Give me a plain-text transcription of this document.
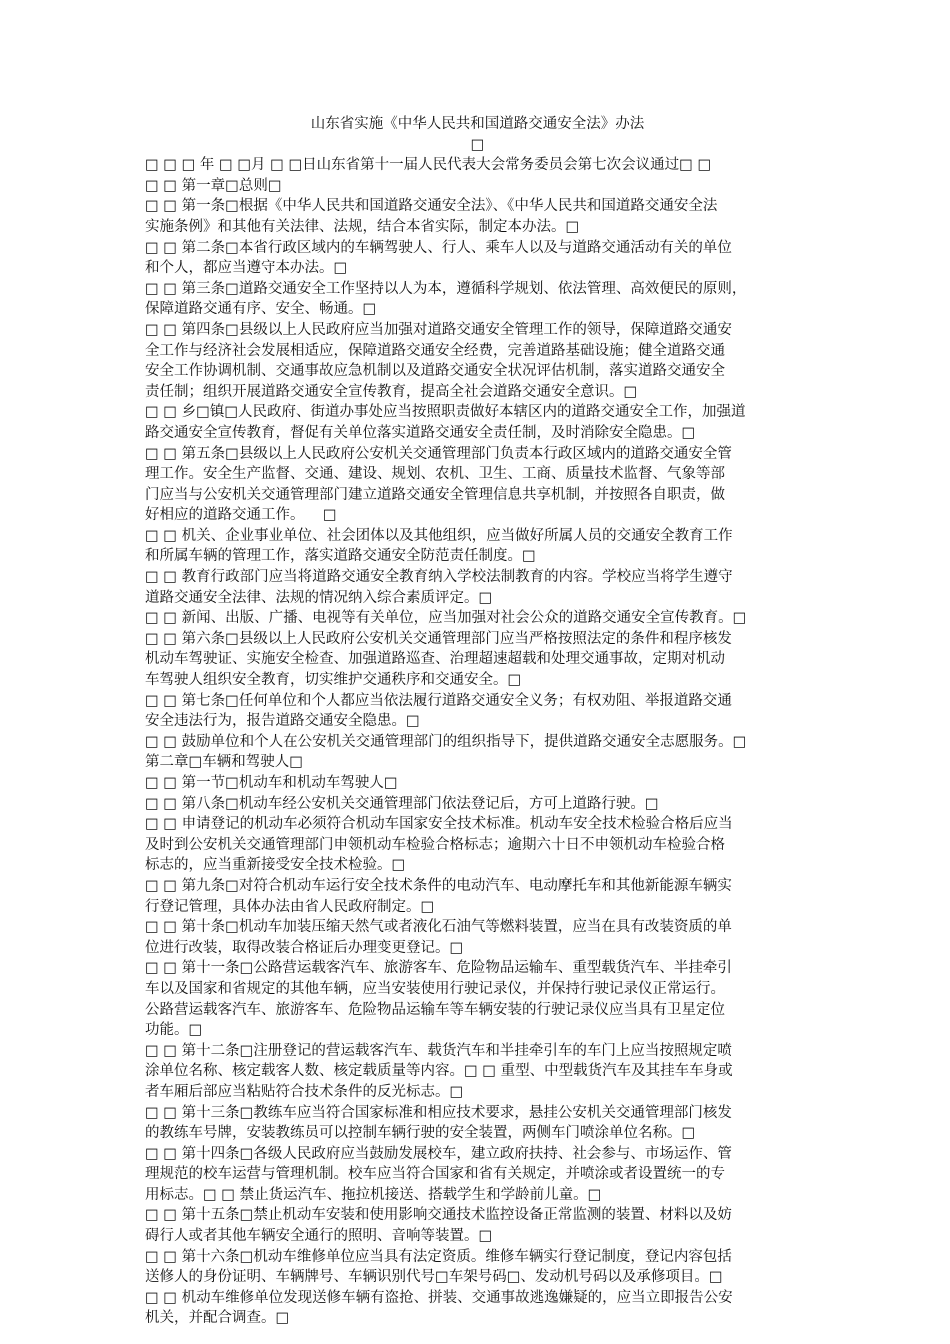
山东省实施《中华人民共和国道路交通安全法》办法
□
□ □ □ 年 □ □月 □ □日山东省第十一届人民代表大会常务委员会第七次会议通过□ □
□ □ 第一章□总则□
□ □ 第一条□根据《中华人民共和国道路交通安全法》、《中华人民共和国道路交通安全法
实施条例》和其他有关法律、法规，结合本省实际，制定本办法。□
□ □ 第二条□本省行政区域内的车辆驾驶人、行人、乘车人以及与道路交通活动有关的单位
和个人，都应当遵守本办法。□
□ □ 第三条□道路交通安全工作坚持以人为本，遵循科学规划、依法管理、高效便民的原则，
保障道路交通有序、安全、畅通。□
□ □ 第四条□县级以上人民政府应当加强对道路交通安全管理工作的领导，保障道路交通安
全工作与经济社会发展相适应，保障道路交通安全经费，完善道路基础设施；健全道路交通
安全工作协调机制、交通事故应急机制以及道路交通安全状况评估机制，落实道路交通安全
责任制；组织开展道路交通安全宣传教育，提高全社会道路交通安全意识。□
□ □ 乡□镇□人民政府、街道办事处应当按照职责做好本辖区内的道路交通安全工作，加强道
路交通安全宣传教育，督促有关单位落实道路交通安全责任制，及时消除安全隐患。□
□ □ 第五条□县级以上人民政府公安机关交通管理部门负责本行政区域内的道路交通安全管
理工作。安全生产监督、交通、建设、规划、农机、卫生、工商、质量技术监督、气象等部
门应当与公安机关交通管理部门建立道路交通安全管理信息共享机制，并按照各自职责，做
好相应的道路交通工作。    □
□ □ 机关、企业事业单位、社会团体以及其他组织，应当做好所属人员的交通安全教育工作
和所属车辆的管理工作，落实道路交通安全防范责任制度。□
□ □ 教育行政部门应当将道路交通安全教育纳入学校法制教育的内容。学校应当将学生遵守
道路交通安全法律、法规的情况纳入综合素质评定。□
□ □ 新闻、出版、广播、电视等有关单位，应当加强对社会公众的道路交通安全宣传教育。□
□ □ 第六条□县级以上人民政府公安机关交通管理部门应当严格按照法定的条件和程序核发
机动车驾驶证、实施安全检查、加强道路巡查、治理超速超载和处理交通事故，定期对机动
车驾驶人组织安全教育，切实维护交通秩序和交通安全。□
□ □ 第七条□任何单位和个人都应当依法履行道路交通安全义务；有权劝阻、举报道路交通
安全违法行为，报告道路交通安全隐患。□
□ □ 鼓励单位和个人在公安机关交通管理部门的组织指导下，提供道路交通安全志愿服务。□
第二章□车辆和驾驶人□
□ □ 第一节□机动车和机动车驾驶人□
□ □ 第八条□机动车经公安机关交通管理部门依法登记后，方可上道路行驶。□
□ □ 申请登记的机动车必须符合机动车国家安全技术标准。机动车安全技术检验合格后应当
及时到公安机关交通管理部门申领机动车检验合格标志；逾期六十日不申领机动车检验合格
标志的，应当重新接受安全技术检验。□
□ □ 第九条□对符合机动车运行安全技术条件的电动汽车、电动摩托车和其他新能源车辆实
行登记管理，具体办法由省人民政府制定。□
□ □ 第十条□机动车加装压缩天然气或者液化石油气等燃料装置，应当在具有改装资质的单
位进行改装，取得改装合格证后办理变更登记。□
□ □ 第十一条□公路营运载客汽车、旅游客车、危险物品运输车、重型载货汽车、半挂牵引
车以及国家和省规定的其他车辆，应当安装使用行驶记录仪，并保持行驶记录仪正常运行。
公路营运载客汽车、旅游客车、危险物品运输车等车辆安装的行驶记录仪应当具有卫星定位
功能。□
□ □ 第十二条□注册登记的营运载客汽车、载货汽车和半挂牵引车的车门上应当按照规定喷
涂单位名称、核定载客人数、核定载质量等内容。□ □ 重型、中型载货汽车及其挂车车身或
者车厢后部应当粘贴符合技术条件的反光标志。□
□ □ 第十三条□教练车应当符合国家标准和相应技术要求，悬挂公安机关交通管理部门核发
的教练车号牌，安装教练员可以控制车辆行驶的安全装置，两侧车门喷涂单位名称。□
□ □ 第十四条□各级人民政府应当鼓励发展校车，建立政府扶持、社会参与、市场运作、管
理规范的校车运营与管理机制。校车应当符合国家和省有关规定，并喷涂或者设置统一的专
用标志。□ □ 禁止货运汽车、拖拉机接送、搭载学生和学龄前儿童。□
□ □ 第十五条□禁止机动车安装和使用影响交通技术监控设备正常监测的装置、材料以及妨
碍行人或者其他车辆安全通行的照明、音响等装置。□
□ □ 第十六条□机动车维修单位应当具有法定资质。维修车辆实行登记制度，登记内容包括
送修人的身份证明、车辆牌号、车辆识别代号□车架号码□、发动机号码以及承修项目。□
□ □ 机动车维修单位发现送修车辆有盗抢、拼装、交通事故逃逸嫌疑的，应当立即报告公安
机关，并配合调查。□
